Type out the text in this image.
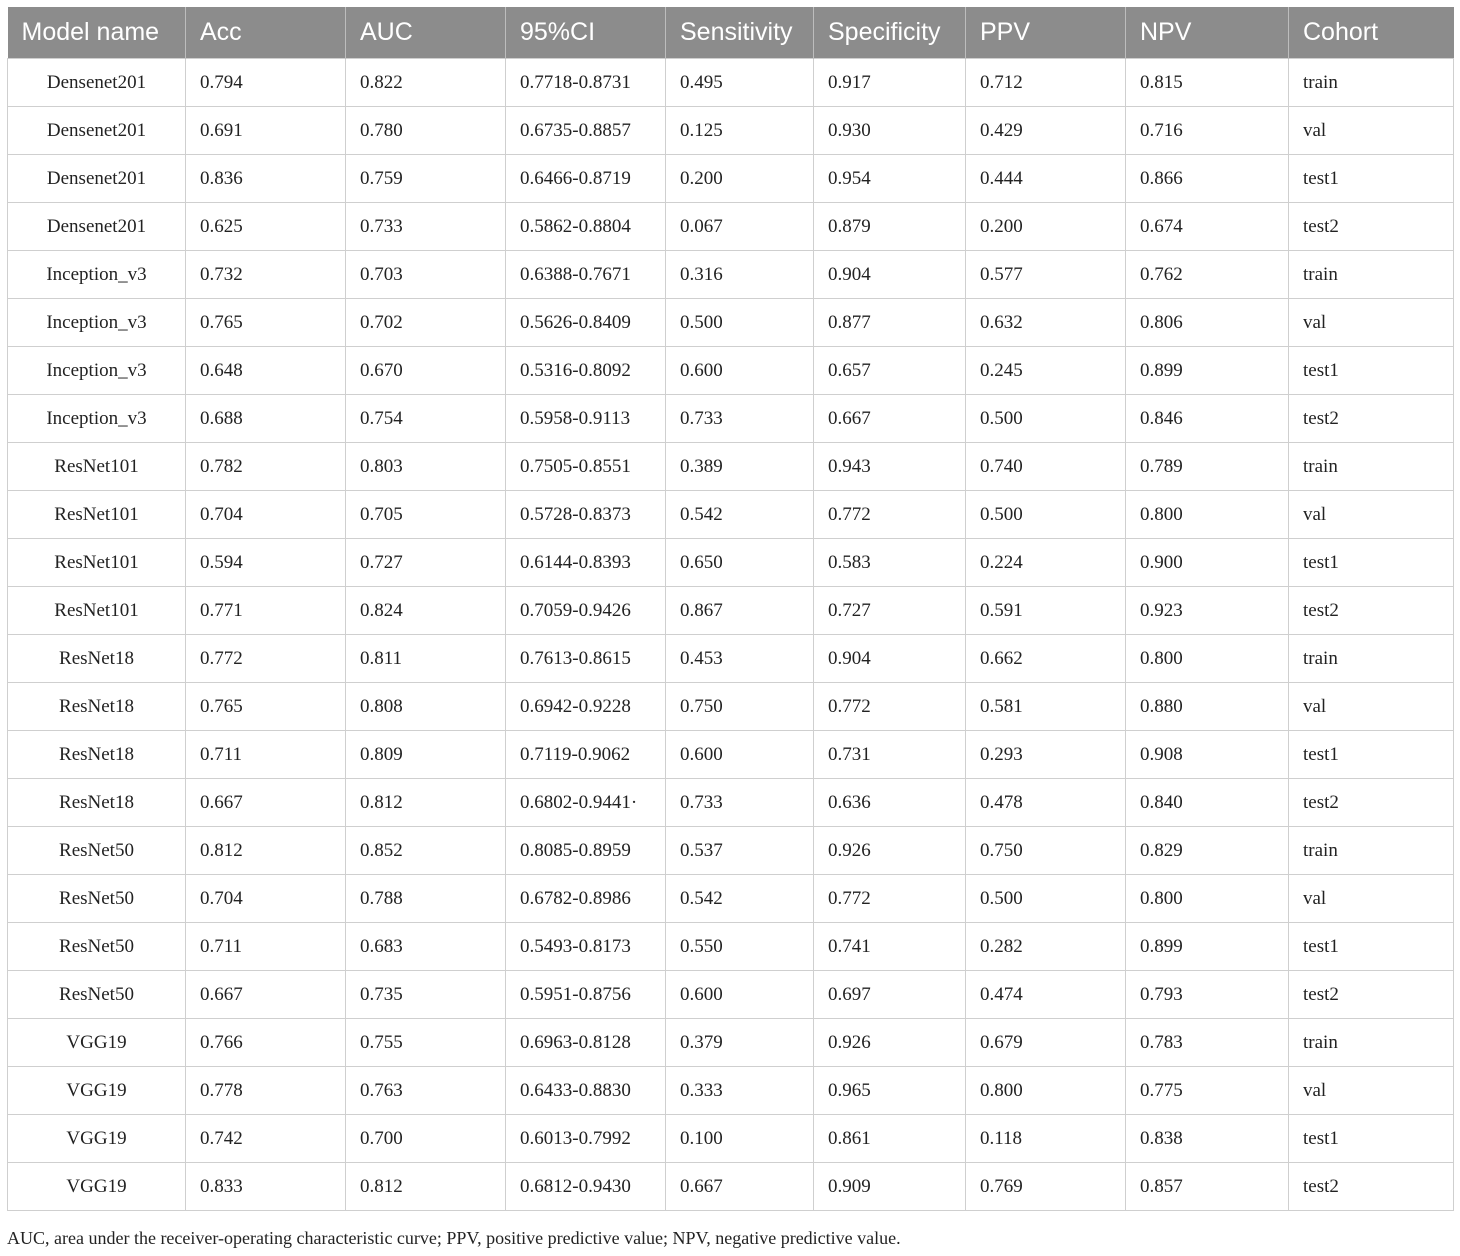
Model name	Acc	AUC	95%CI	Sensitivity	Specificity	PPV	NPV	Cohort
Densenet201	0.794	0.822	0.7718-0.8731	0.495	0.917	0.712	0.815	train
Densenet201	0.691	0.780	0.6735-0.8857	0.125	0.930	0.429	0.716	val
Densenet201	0.836	0.759	0.6466-0.8719	0.200	0.954	0.444	0.866	test1
Densenet201	0.625	0.733	0.5862-0.8804	0.067	0.879	0.200	0.674	test2
Inception_v3	0.732	0.703	0.6388-0.7671	0.316	0.904	0.577	0.762	train
Inception_v3	0.765	0.702	0.5626-0.8409	0.500	0.877	0.632	0.806	val
Inception_v3	0.648	0.670	0.5316-0.8092	0.600	0.657	0.245	0.899	test1
Inception_v3	0.688	0.754	0.5958-0.9113	0.733	0.667	0.500	0.846	test2
ResNet101	0.782	0.803	0.7505-0.8551	0.389	0.943	0.740	0.789	train
ResNet101	0.704	0.705	0.5728-0.8373	0.542	0.772	0.500	0.800	val
ResNet101	0.594	0.727	0.6144-0.8393	0.650	0.583	0.224	0.900	test1
ResNet101	0.771	0.824	0.7059-0.9426	0.867	0.727	0.591	0.923	test2
ResNet18	0.772	0.811	0.7613-0.8615	0.453	0.904	0.662	0.800	train
ResNet18	0.765	0.808	0.6942-0.9228	0.750	0.772	0.581	0.880	val
ResNet18	0.711	0.809	0.7119-0.9062	0.600	0.731	0.293	0.908	test1
ResNet18	0.667	0.812	0.6802-0.9441·	0.733	0.636	0.478	0.840	test2
ResNet50	0.812	0.852	0.8085-0.8959	0.537	0.926	0.750	0.829	train
ResNet50	0.704	0.788	0.6782-0.8986	0.542	0.772	0.500	0.800	val
ResNet50	0.711	0.683	0.5493-0.8173	0.550	0.741	0.282	0.899	test1
ResNet50	0.667	0.735	0.5951-0.8756	0.600	0.697	0.474	0.793	test2
VGG19	0.766	0.755	0.6963-0.8128	0.379	0.926	0.679	0.783	train
VGG19	0.778	0.763	0.6433-0.8830	0.333	0.965	0.800	0.775	val
VGG19	0.742	0.700	0.6013-0.7992	0.100	0.861	0.118	0.838	test1
VGG19	0.833	0.812	0.6812-0.9430	0.667	0.909	0.769	0.857	test2
AUC, area under the receiver-operating characteristic curve; PPV, positive predictive value; NPV, negative predictive value.
